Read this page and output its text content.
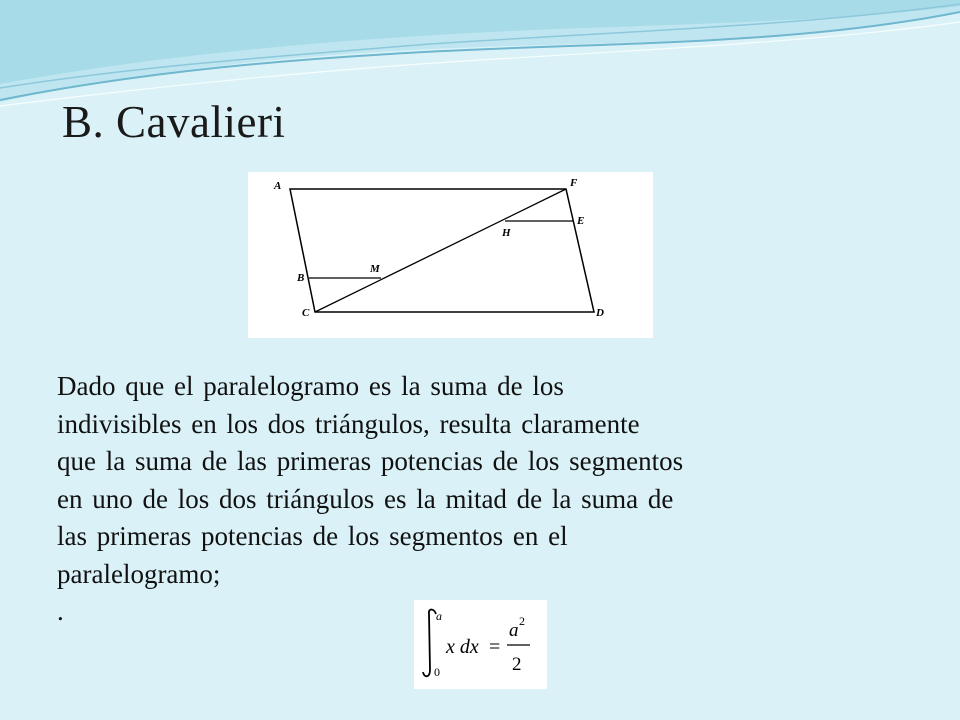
B. Cavalieri
A	F
E
H
B
M
C	D
Dado que el paralelogramo es la suma de los
indivisibles en los dos triángulos, resulta claramente
que la suma de las primeras potencias de los segmentos
en uno de los dos triángulos es la mitad de la suma de
las primeras potencias de los segmentos en el
paralelogramo;
.	a
0
x dx =
a 2
2
